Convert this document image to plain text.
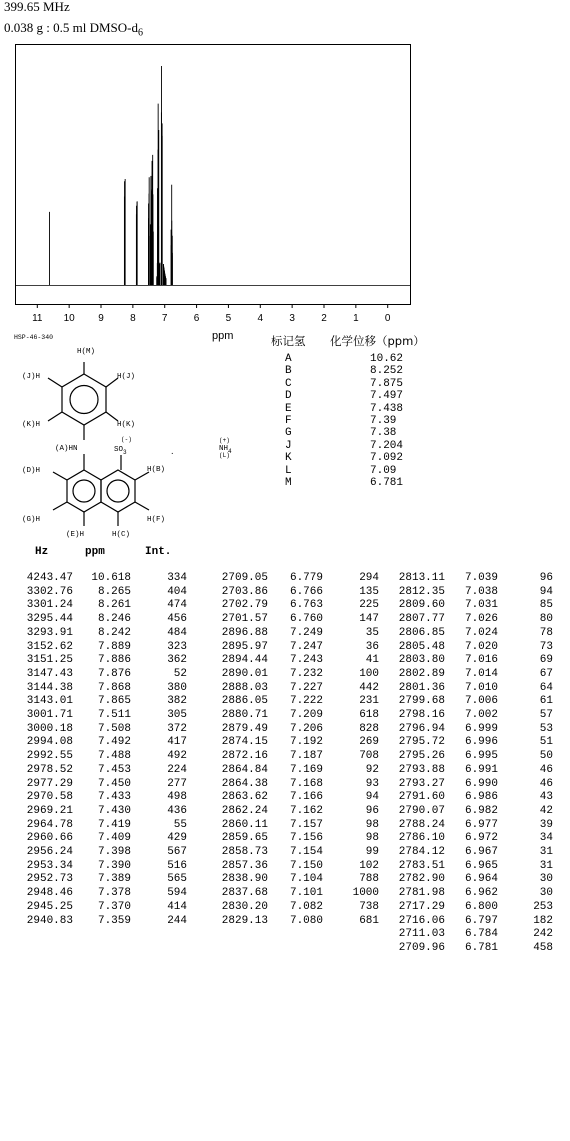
399.65 MHz
0.038 g : 0.5 ml DMSO-$d_6$
11 10 9	8	7	6	5	4	3	2	1	0
ppm
HSP-46-340
H(M)
(J)H	H(J)
(K)H	H(K)
(A)HN	$SO_3$
(-)
.
(+)
$NH_4$
(L)
H(B)
(D)H
(G)H	H(F)
(E)H	H(C)
标记氢 化学位移（ppm）
A	10.62
B	8.252
C	7.875
D	7.497
E	7.438
F	7.39
G	7.38
J	7.204
K	7.092
L	7.09
M	6.781
Hz	ppm	Int.
4243.47	10.618	334
3302.76	8.265	404
3301.24	8.261	474
3295.44	8.246	456
3293.91	8.242	484
3152.62	7.889	323
3151.25	7.886	362
3147.43	7.876	52
3144.38	7.868	380
3143.01	7.865	382
3001.71	7.511	305
3000.18	7.508	372
2994.08	7.492	417
2992.55	7.488	492
2978.52	7.453	224
2977.29	7.450	277
2970.58	7.433	498
2969.21	7.430	436
2964.78	7.419	55
2960.66	7.409	429
2956.24	7.398	567
2953.34	7.390	516
2952.73	7.389	565
2948.46	7.378	594
2945.25	7.370	414
2940.83	7.359	244
2709.05	6.779	294
2703.86	6.766	135
2702.79	6.763	225
2701.57	6.760	147
2896.88	7.249	35
2895.97	7.247	36
2894.44	7.243	41
2890.01	7.232	100
2888.03	7.227	442
2886.05	7.222	231
2880.71	7.209	618
2879.49	7.206	828
2874.15	7.192	269
2872.16	7.187	708
2864.84	7.169	92
2864.38	7.168	93
2863.62	7.166	94
2862.24	7.162	96
2860.11	7.157	98
2859.65	7.156	98
2858.73	7.154	99
2857.36	7.150	102
2838.90	7.104	788
2837.68	7.101	1000
2830.20	7.082	738
2829.13	7.080	681
2813.11	7.039	96
2812.35	7.038	94
2809.60	7.031	85
2807.77	7.026	80
2806.85	7.024	78
2805.48	7.020	73
2803.80	7.016	69
2802.89	7.014	67
2801.36	7.010	64
2799.68	7.006	61
2798.16	7.002	57
2796.94	6.999	53
2795.72	6.996	51
2795.26	6.995	50
2793.88	6.991	46
2793.27	6.990	46
2791.60	6.986	43
2790.07	6.982	42
2788.24	6.977	39
2786.10	6.972	34
2784.12	6.967	31
2783.51	6.965	31
2782.90	6.964	30
2781.98	6.962	30
2717.29	6.800	253
2716.06	6.797	182
2711.03	6.784	242
2709.96	6.781	458
